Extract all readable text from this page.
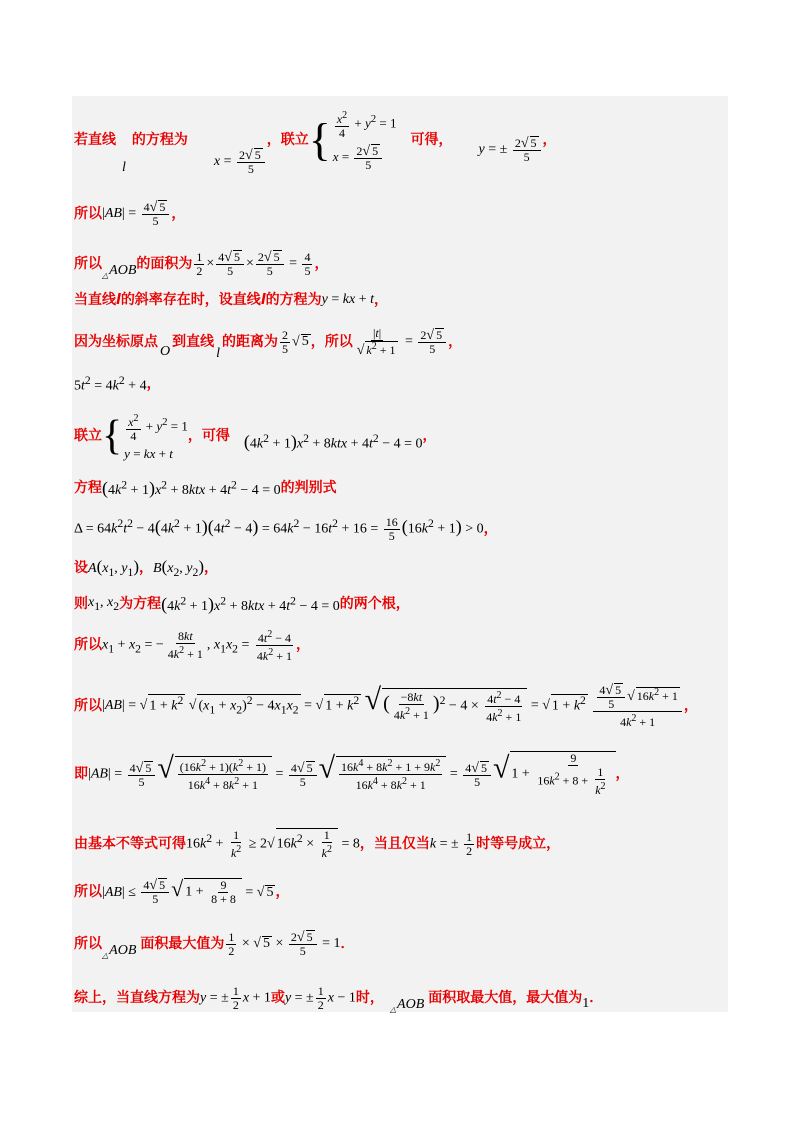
若直线
l
的方程为
$x = \frac{2√ 5}{5}$
，联立 { $\frac{x^2}{4} + y^2 = 1$
$x = \frac{2√ 5}{5}$
可得，
y = ± $\frac{2√ 5}{5}$ ，
所以 $|AB| = \frac{4√ 5}{5}$ ，
所以
$_\triangle$AOB 的面积为 $\frac{1}{2} \times \frac{4√ 5}{5} \times \frac{2√ 5}{5} = \frac{4}{5}$ ，
当直线 l 的斜率存在时，设直线 l 的方程为 y = kx + t ，
因为坐标原点
O
到直线
l
的距离为 $\frac{2}{5}$ √ 5 ，所以 $\frac{|t|}{√ k^2 + 1} = \frac{2√ 5}{5}$ ，
$5t^2 = 4k^2 + 4$ ，
联立 { $\frac{x^2}{4} + y^2 = 1$
y = kx + t
，可得 $(4k^2 + 1)x^2 + 8ktx + 4t^2 - 4 = 0$ ，
方程 $(4k^2 + 1)x^2 + 8ktx + 4t^2 - 4 = 0$ 的判别式
$\Delta = 64k^2t^2 - 4(4k^2 + 1)(4t^2 - 4) = 64k^2 - 16t^2 + 16 = \frac{16}{5} (16k^2 + 1) > 0$ ，
设 $A(x_1$, $y_1$) ， $B(x_2$, $y_2$) ，
则 $x_1$, $x_2$ 为方程 $(4k^2 + 1)x^2 + 8ktx + 4t^2 - 4 = 0$ 的两个根，
所以 $x_1 + x_2$ = − $\frac{8kt}{4k^2 + 1}$ , $x_1x_2 = \frac{4t^2 - 4}{4k^2 + 1}$ ，
所以 |AB| = √ $1 + k^2$ √ $(x_1 + x_2)^2 - 4x_1x_2$ = √ $1 + k^2$ √ ( $\frac{-8kt}{4k^2 + 1} )^2 - 4 \times \frac{4t^2 - 4}{4k^2 + 1}$ = √ $1 + k^2 \frac{\frac{4√ 5}{5} √ 16k^2 + 1}{4k^2 + 1}$ ，
即 $|AB| = \frac{4√ 5}{5}$ √ $\frac{(16k^2 + 1)(k^2 + 1)}{16k^4 + 8k^2 + 1} = \frac{4√ 5}{5}$ √ $\frac{16k^4 + 8k^2 + 1 + 9k^2}{16k^4 + 8k^2 + 1} = \frac{4√ 5}{5}$ √ $1 + \frac{9}{16k^2 + 8 + \frac{1}{k^2}}$ ，
由基本不等式可得 $16k^2 + \frac{1}{k^2} \ge 2√$ $16k^2 \times \frac{1}{k^2} = 8$ ，当且仅当 k = ± $\frac{1}{2}$ 时等号成立，
所以 $|AB| \le \frac{4√ 5}{5}$ √ $1 + \frac{9}{8 + 8}$ = √ 5 ，
所以
$_\triangle$AOB 面积最大值为 $\frac{1}{2}$ × √ $5 \times \frac{2√ 5}{5} = 1$ ．
综上，当直线方程为 y = ± $\frac{1}{2}$ x + 1 或 y = ± $\frac{1}{2}$ x − 1 时，
$_\triangle$AOB 面积取最大值，最大值为 1 ．
